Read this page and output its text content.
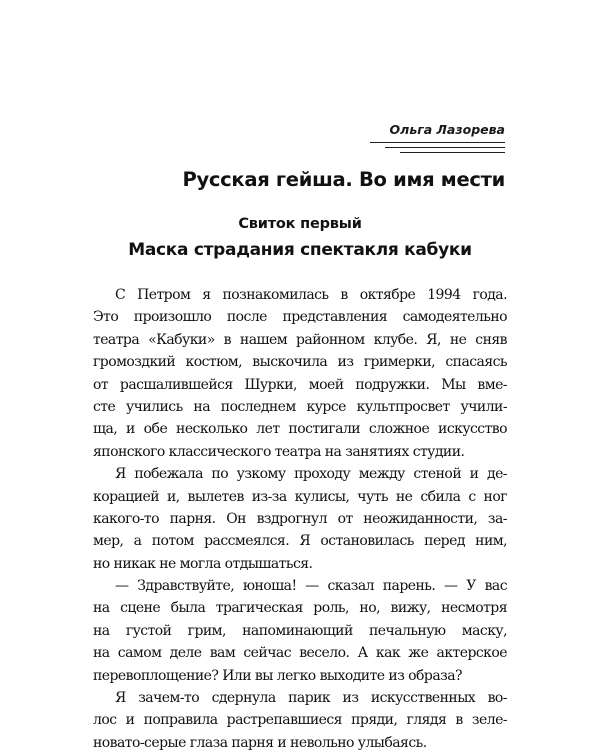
Ольга Лазорева
Русская гейша. Во имя мести
Свиток первый
Маска страдания спектакля кабуки
С Петром я познакомилась в октябре 1994 года.
Это произошло после представления самодеятельно
театра «Кабуки» в нашем районном клубе. Я, не сняв
громоздкий костюм, выскочила из гримерки, спасаясь
от расшалившейся Шурки, моей подружки. Мы вме-
сте учились на последнем курсе культпросвет учили-
ща, и обе несколько лет постигали сложное искусство
японского классического театра на занятиях студии.
Я побежала по узкому проходу между стеной и де-
корацией и, вылетев из-за кулисы, чуть не сбила с ног
какого-то парня. Он вздрогнул от неожиданности, за-
мер, а потом рассмеялся. Я остановилась перед ним,
но никак не могла отдышаться.
— Здравствуйте, юноша! — сказал парень. — У вас
на сцене была трагическая роль, но, вижу, несмотря
на густой грим, напоминающий печальную маску,
на самом деле вам сейчас весело. А как же актерское
перевоплощение? Или вы легко выходите из образа?
Я зачем-то сдернула парик из искусственных во-
лос и поправила растрепавшиеся пряди, глядя в зеле-
новато-серые глаза парня и невольно улыбаясь.
